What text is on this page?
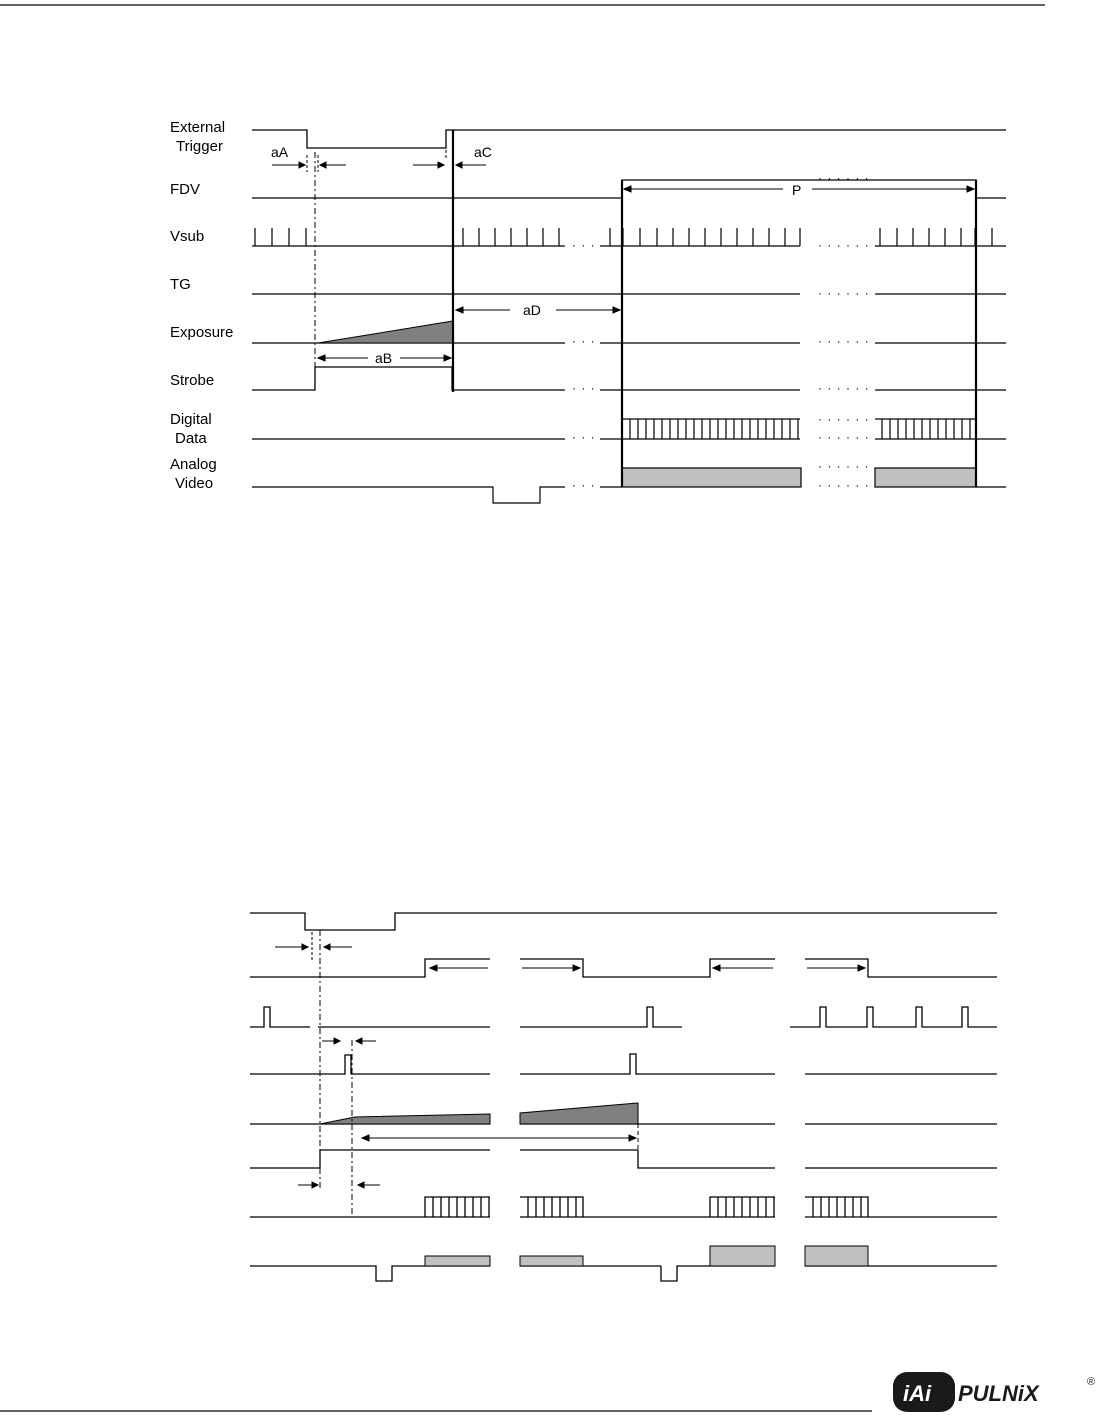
External
Trigger
FDV
Vsub
TG
Exposure
Strobe
Digital
Data
Analog
Video
· · ·	· · · · · ·
· · · · · ·
· · ·	· · · · · ·
· · ·	· · · · · ·
· · ·
· · · · · ·
· · · · · ·
· · ·
· · · · · ·
· · · · · ·
· · · · · ·
aA	aC
P
aD
aB
iAi PULNiX	®
